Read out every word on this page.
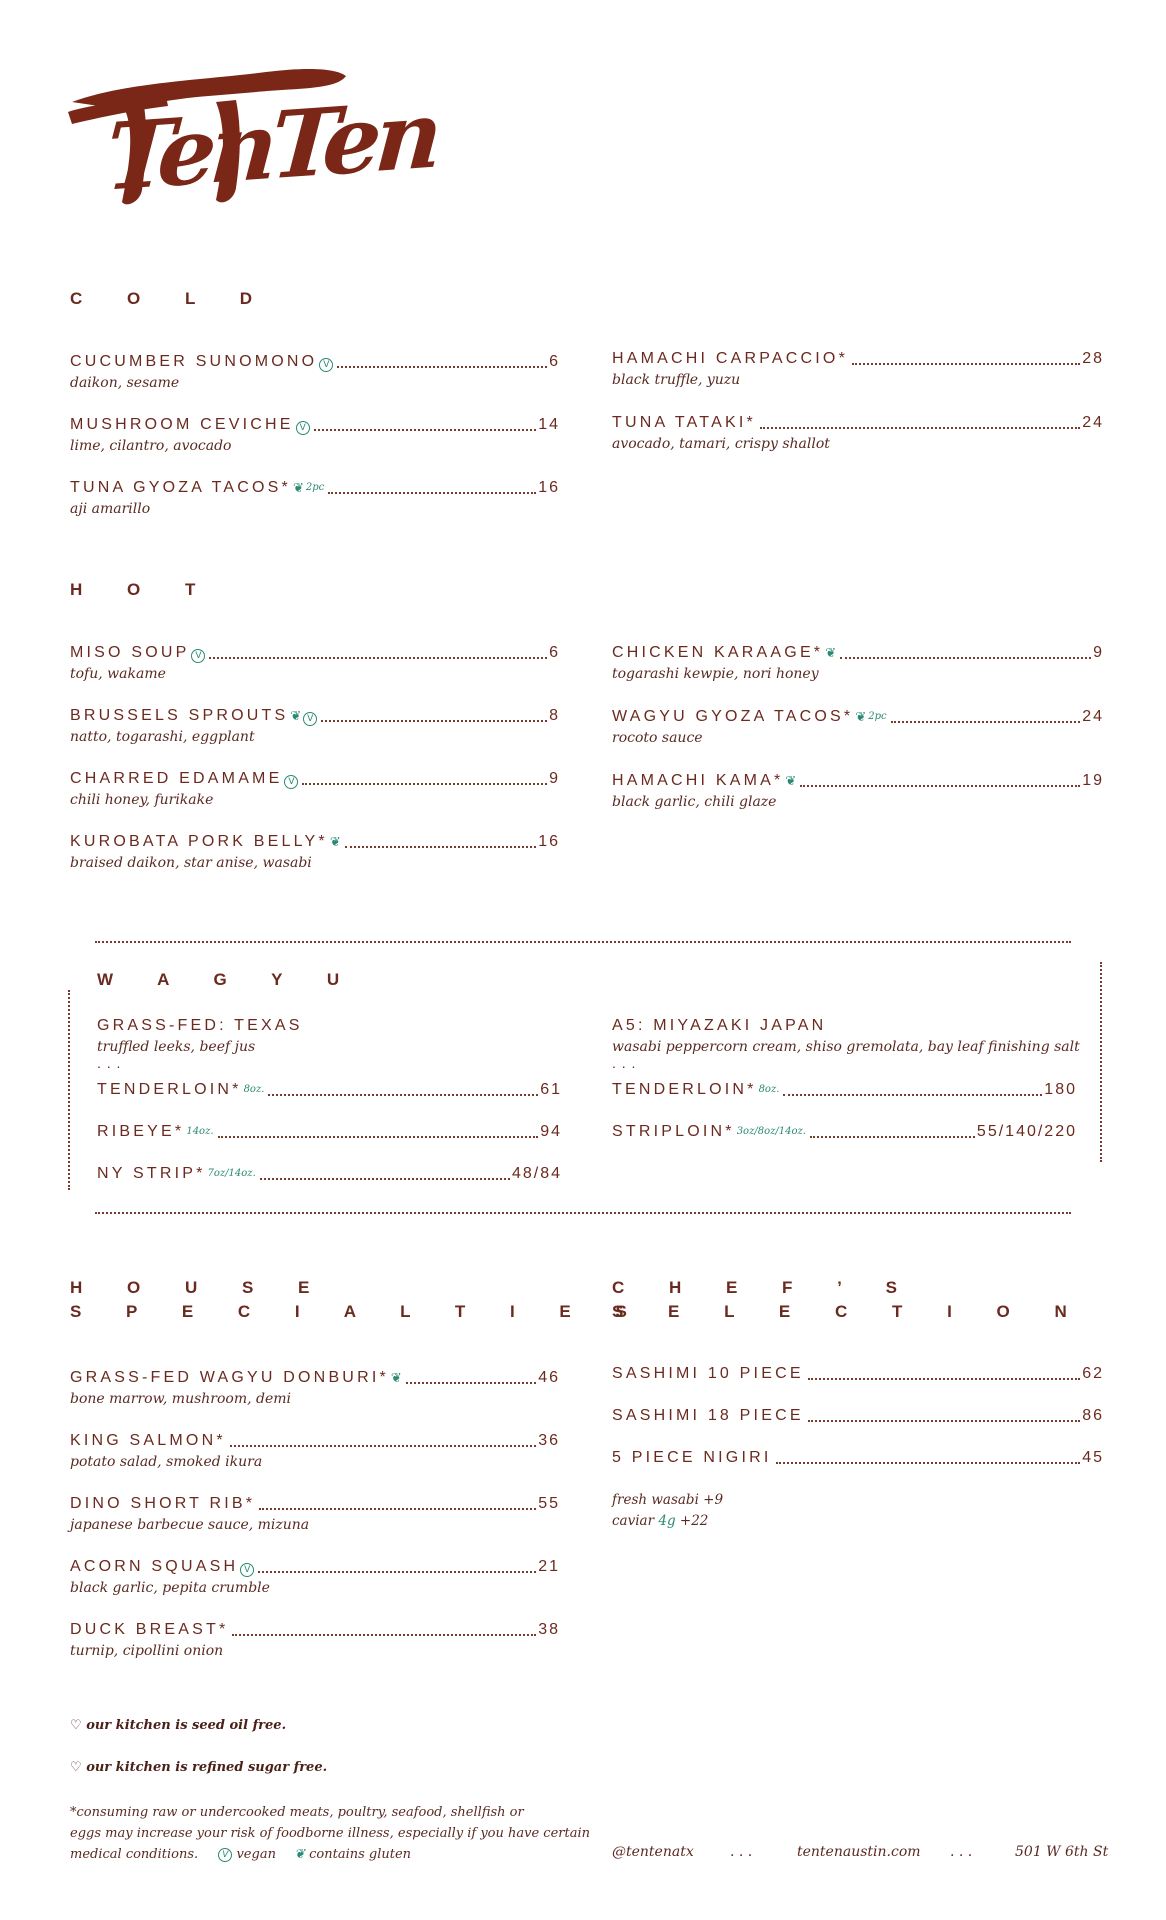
TenTen
C O L D
CUCUMBER SUNOMONO V	6
daikon, sesame
MUSHROOM CEVICHE V	14
lime, cilantro, avocado
TUNA GYOZA TACOS* ❦ 2pc	16
aji amarillo
HAMACHI CARPACCIO*	28
black truffle, yuzu
TUNA TATAKI*	24
avocado, tamari, crispy shallot
H O T
MISO SOUP V	6
tofu, wakame
BRUSSELS SPROUTS ❦ V	8
natto, togarashi, eggplant
CHARRED EDAMAME V	9
chili honey, furikake
KUROBATA PORK BELLY* ❦	16
braised daikon, star anise, wasabi
CHICKEN KARAAGE* ❦	9
togarashi kewpie, nori honey
WAGYU GYOZA TACOS* ❦ 2pc	24
rocoto sauce
HAMACHI KAMA* ❦	19
black garlic, chili glaze
W A G Y U
GRASS-FED: TEXAS
truffled leeks, beef jus
. . .
TENDERLOIN* 8oz.	61
RIBEYE* 14oz.	94
NY STRIP* 7oz/14oz.	48/84
A5: MIYAZAKI JAPAN
wasabi peppercorn cream, shiso gremolata, bay leaf finishing salt
. . .
TENDERLOIN* 8oz.	180
STRIPLOIN* 3oz/8oz/14oz.	55/140/220
H O U S E
S P E C I A L T I E S
GRASS-FED WAGYU DONBURI* ❦	46
bone marrow, mushroom, demi
KING SALMON*	36
potato salad, smoked ikura
DINO SHORT RIB*	55
japanese barbecue sauce, mizuna
ACORN SQUASH V	21
black garlic, pepita crumble
DUCK BREAST*	38
turnip, cipollini onion
C H E F ’ S
S E L E C T I O N
SASHIMI 10 PIECE	62
SASHIMI 18 PIECE	86
5 PIECE NIGIRI	45
fresh wasabi +9
caviar 4g +22
♡ our kitchen is seed oil free.
♡ our kitchen is refined sugar free.
*consuming raw or undercooked meats, poultry, seafood, shellfish or
eggs may increase your risk of foodborne illness, especially if you have certain
medical conditions.	V vegan ❦ contains gluten	@tentenatx	. . .	tentenaustin.com . . .	501 W 6th St
